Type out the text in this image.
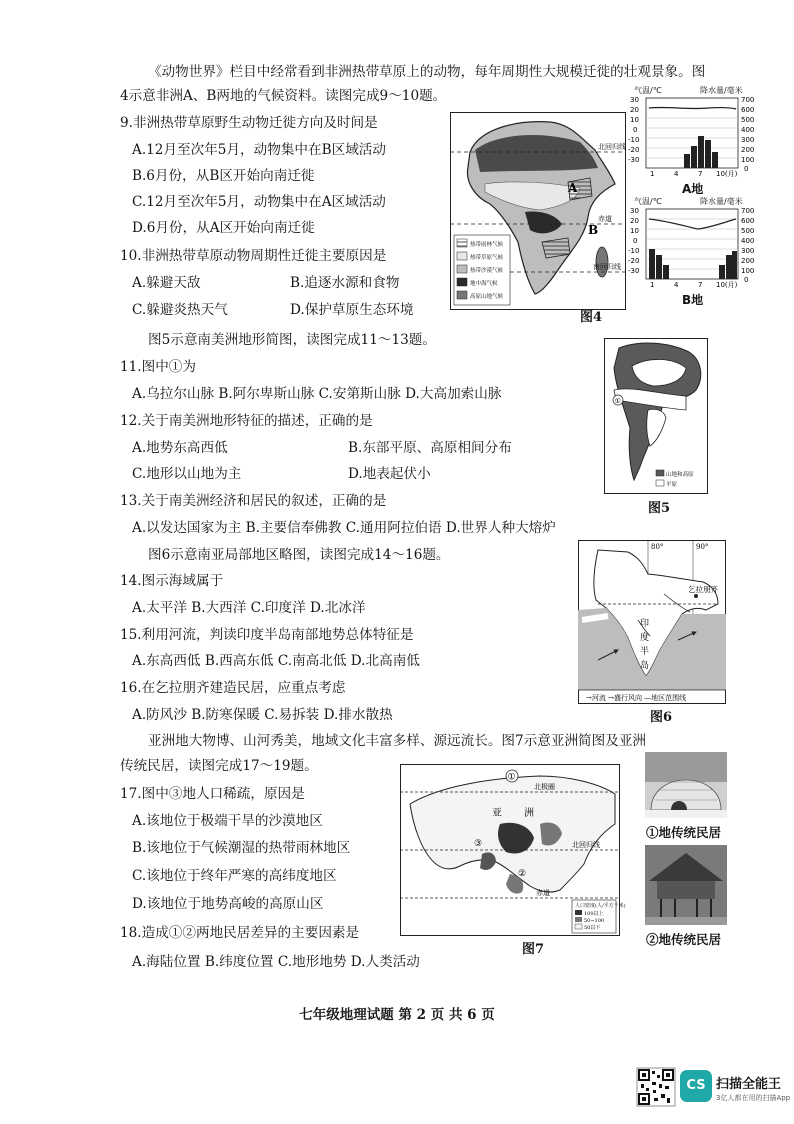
《动物世界》栏目中经常看到非洲热带草原上的动物，每年周期性大规模迁徙的壮观景象。图
4示意非洲A、B两地的气候资料。读图完成9～10题。
9.非洲热带草原野生动物迁徙方向及时间是
A.12月至次年5月，动物集中在B区域活动
B.6月份，从B区开始向南迁徙
C.12月至次年5月，动物集中在A区域活动
D.6月份，从A区开始向南迁徙
10.非洲热带草原动物周期性迁徙主要原因是
A.躲避天敌	B.追逐水源和食物
C.躲避炎热天气	D.保护草原生态环境
北回归线
赤道
南回归线
A
B
热带雨林气候
热带草原气候
热带沙漠气候
地中海气候
高原山地气候
图4
气温/℃	降水量/毫米
30
20
10
0
-10
-20
-30
700
600
500
400
300
200
100
0
1	4	7 10(月)
A地
气温/℃	降水量/毫米
30
20
10
0
-10
-20
-30
700
600
500
400
300
200
100
0
1	4	7 10(月)
B地
图5示意南美洲地形简图，读图完成11～13题。
11.图中①为
A.乌拉尔山脉 B.阿尔卑斯山脉 C.安第斯山脉 D.大高加索山脉
12.关于南美洲地形特征的描述，正确的是
A.地势东高西低	B.东部平原、高原相间分布
C.地形以山地为主	D.地表起伏小
13.关于南美洲经济和居民的叙述，正确的是
A.以发达国家为主 B.主要信奉佛教 C.通用阿拉伯语 D.世界人种大熔炉
①
山地和高原
平原
图5
图6示意南亚局部地区略图，读图完成14～16题。
14.图示海域属于
A.太平洋 B.大西洋 C.印度洋 D.北冰洋
15.利用河流，判读印度半岛南部地势总体特征是
A.东高西低 B.西高东低 C.南高北低 D.北高南低
16.在乞拉朋齐建造民居，应重点考虑
A.防风沙 B.防寒保暖 C.易拆装 D.排水散热
80°	90°
乞拉朋齐
印
度
半
岛
→河流 →盛行风向 —地区范围线
图6
亚洲地大物博、山河秀美，地域文化丰富多样、源远流长。图7示意亚洲简图及亚洲
传统民居，读图完成17～19题。
17.图中③地人口稀疏，原因是
A.该地位于极端干旱的沙漠地区
B.该地位于气候潮湿的热带雨林地区
C.该地位于终年严寒的高纬度地区
D.该地位于地势高峻的高原山区
18.造成①②两地民居差异的主要因素是
A.海陆位置 B.纬度位置 C.地形地势 D.人类活动
北极圈
北回归线
赤道
①
③
②
亚 洲
人口密度(人/平方千米)
100以上
50~100
50以下
图7
①地传统民居
②地传统民居
七年级地理试题 第 2 页 共 6 页
CS 扫描全能王
3亿人都在用的扫描App
